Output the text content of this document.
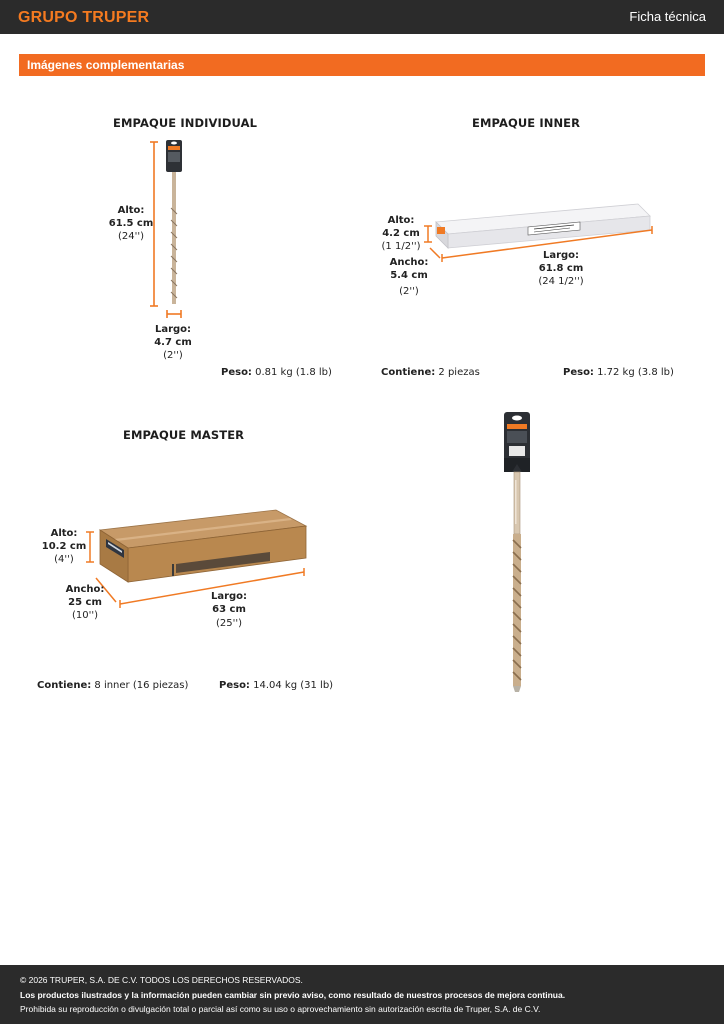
GRUPO TRUPER	Ficha técnica
Imágenes complementarias
EMPAQUE INDIVIDUAL
Alto:
61.5 cm
(24'')
Largo:
4.7 cm
(2'')
Peso: 0.81 kg (1.8 lb)
EMPAQUE INNER
Alto:
4.2 cm
(1 1/2'')
Ancho:
5.4 cm
(2'')
Largo:
61.8 cm
(24 1/2'')
Contiene: 2 piezas	Peso: 1.72 kg (3.8 lb)
EMPAQUE MASTER
Alto:
10.2 cm
(4'')
Ancho:
25 cm
(10'')
Largo:
63 cm
(25'')
Contiene: 8 inner (16 piezas)	Peso: 14.04 kg (31 lb)

© 2026 TRUPER, S.A. DE C.V. TODOS LOS DERECHOS RESERVADOS.

Los productos ilustrados y la información pueden cambiar sin previo aviso, como resultado de nuestros procesos de mejora continua.

Prohibida su reproducción o divulgación total o parcial así como su uso o aprovechamiento sin autorización escrita de Truper, S.A. de C.V.
